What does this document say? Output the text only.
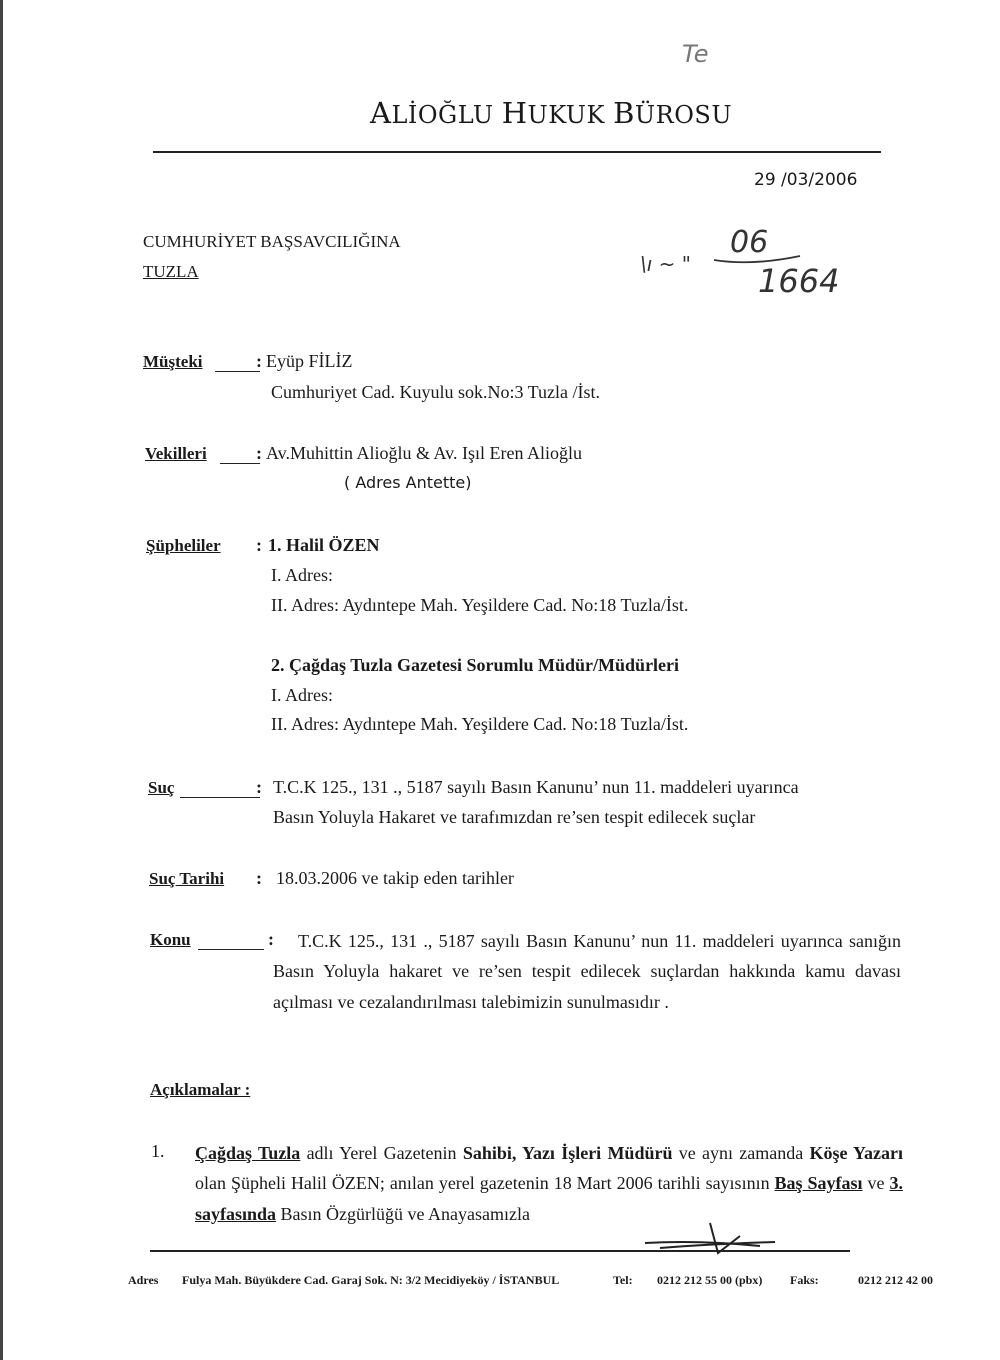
ALİOĞLU HUKUK BÜROSU
Te
29 /03/2006
CUMHURİYET BAŞSAVCILIĞINA
TUZLA	\ı ~ "
06
1664
Müşteki	: Eyüp FİLİZ
Cumhuriyet Cad. Kuyulu sok.No:3 Tuzla /İst.
Vekilleri	: Av.Muhittin Alioğlu & Av. Işıl Eren Alioğlu
( Adres Antette)
Şüpheliler : 1. Halil ÖZEN
I. Adres:
II. Adres: Aydıntepe Mah. Yeşildere Cad. No:18 Tuzla/İst.
2. Çağdaş Tuzla Gazetesi Sorumlu Müdür/Müdürleri
I. Adres:
II. Adres: Aydıntepe Mah. Yeşildere Cad. No:18 Tuzla/İst.
Suç	: T.C.K 125., 131 ., 5187 sayılı Basın Kanunu’ nun 11. maddeleri uyarınca
Basın Yoluyla Hakaret ve tarafımızdan re’sen tespit edilecek suçlar
Suç Tarihi : 18.03.2006 ve takip eden tarihler
Konu	:	T.C.K 125., 131 ., 5187 sayılı Basın Kanunu’ nun 11. maddeleri uyarınca sanığın Basın Yoluyla hakaret ve re’sen tespit edilecek suçlardan hakkında kamu davası açılması ve cezalandırılması talebimizin sunulmasıdır .
Açıklamalar :
1. Çağdaş Tuzla adlı Yerel Gazetenin Sahibi, Yazı İşleri Müdürü ve aynı zamanda Köşe Yazarı olan Şüpheli Halil ÖZEN; anılan yerel gazetenin 18 Mart 2006 tarihli sayısının Baş Sayfası ve 3. sayfasında Basın Özgürlüğü ve Anayasamızla
Adres Fulya Mah. Büyükdere Cad. Garaj Sok. N: 3/2 Mecidiyeköy / İSTANBUL	Tel: 0212 212 55 00 (pbx) Faks:	0212 212 42 00
